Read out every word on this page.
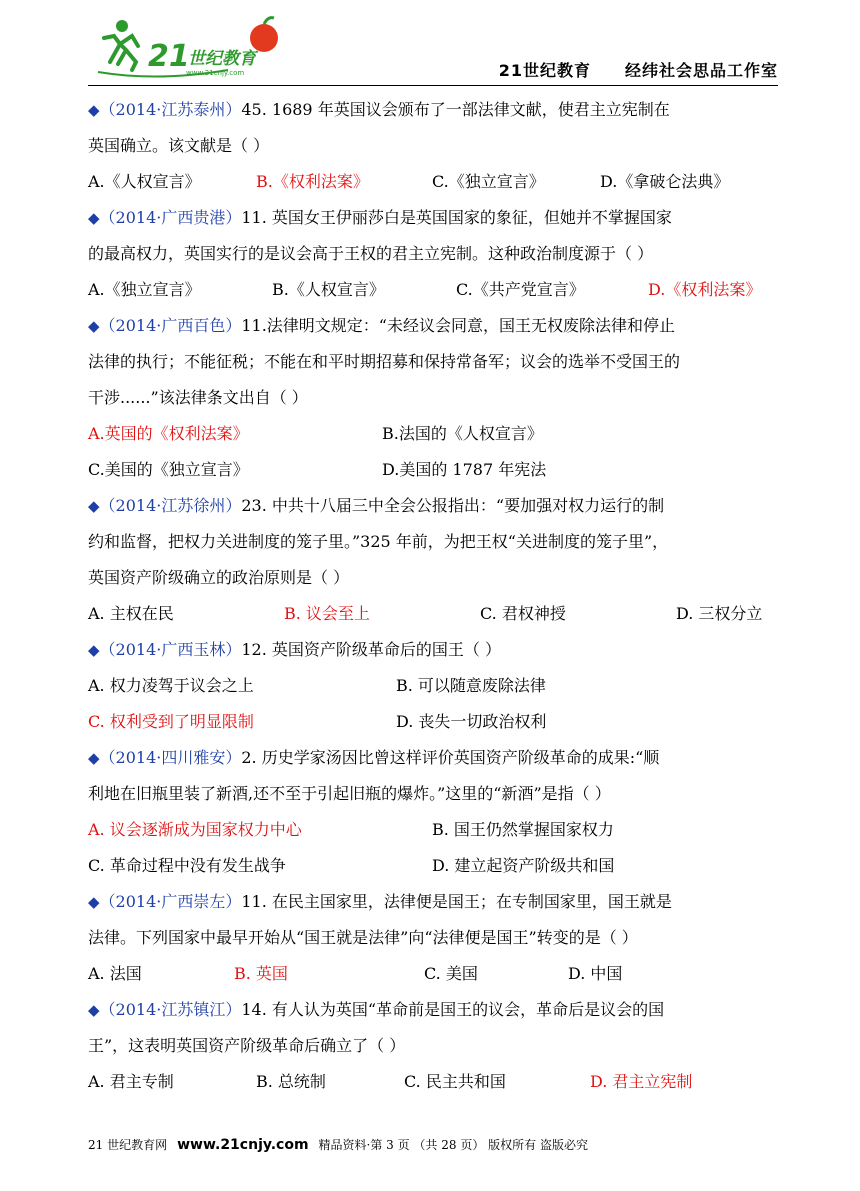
21
世纪教育
www.21cnjy.com	21世纪教育 经纬社会思品工作室
◆（2014·江苏泰州）45. 1689 年英国议会颁布了一部法律文献，使君主立宪制在
英国确立。该文献是（ ）
A.《人权宣言》	B.《权利法案》	C.《独立宣言》	D.《拿破仑法典》
◆（2014·广西贵港）11. 英国女王伊丽莎白是英国国家的象征，但她并不掌握国家
的最高权力，英国实行的是议会高于王权的君主立宪制。这种政治制度源于（ ）
A.《独立宣言》	B.《人权宣言》	C.《共产党宣言》	D.《权利法案》
◆（2014·广西百色）11.法律明文规定：“未经议会同意，国王无权废除法律和停止
法律的执行；不能征税；不能在和平时期招募和保持常备军；议会的选举不受国王的
干涉......”该法律条文出自（ ）
A.英国的《权利法案》	B.法国的《人权宣言》
C.美国的《独立宣言》	D.美国的 1787 年宪法
◆（2014·江苏徐州）23. 中共十八届三中全会公报指出：“要加强对权力运行的制
约和监督，把权力关进制度的笼子里。”325 年前，为把王权“关进制度的笼子里”，
英国资产阶级确立的政治原则是（ ）
A. 主权在民	B. 议会至上	C. 君权神授	D. 三权分立
◆（2014·广西玉林）12. 英国资产阶级革命后的国王（ ）
A. 权力凌驾于议会之上	B. 可以随意废除法律
C. 权利受到了明显限制	D. 丧失一切政治权利
◆（2014·四川雅安）2. 历史学家汤因比曾这样评价英国资产阶级革命的成果:“顺
利地在旧瓶里装了新酒,还不至于引起旧瓶的爆炸。”这里的“新酒”是指（ ）
A. 议会逐渐成为国家权力中心	B. 国王仍然掌握国家权力
C. 革命过程中没有发生战争	D. 建立起资产阶级共和国
◆（2014·广西崇左）11. 在民主国家里，法律便是国王；在专制国家里，国王就是
法律。下列国家中最早开始从“国王就是法律”向“法律便是国王”转变的是（ ）
A. 法国	B. 英国	C. 美国	D. 中国
◆（2014·江苏镇江）14. 有人认为英国“革命前是国王的议会，革命后是议会的国
王”，这表明英国资产阶级革命后确立了（ ）
A. 君主专制	B. 总统制	C. 民主共和国	D. 君主立宪制
21 世纪教育网 www.21cnjy.com 精品资料·第 3 页 （共 28 页） 版权所有 盗版必究
